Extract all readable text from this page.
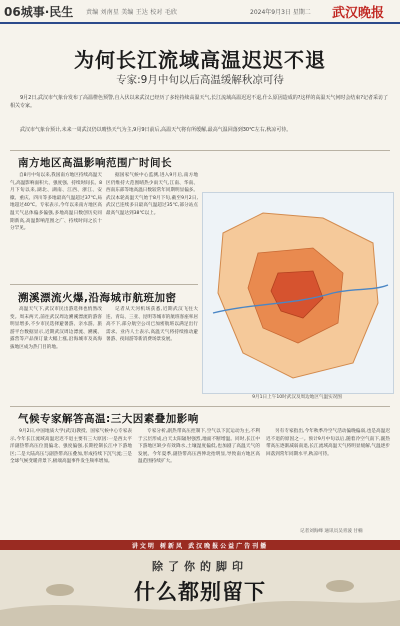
06城事·民生 责编 刘南星 美编 王达 校对 毛欣	2024年9月3日 星期二 武汉晚报
为何长江流域高温迟迟不退
专家:9月中旬以后高温缓解秋凉可待
9月2日,武汉市气象台发布了高温橙色预警,自入伏以来武汉已经历了多轮持续高温天气,长江流域高温迟迟不退,什么原因造成的?这样的高温天气何时会结束?记者采访了相关专家。
武汉市气象台预计,未来一周武汉仍以晴热天气为主,9月9日前后,高温天气将有所缓解,最高气温回落到30℃左右,秋凉可待。
南方地区高温影响范围广时间长

自8月中旬以来,我国南方地区持续高温天气,高温影响面积大、强度强、持续时间长。8月下旬以来,湖北、湖南、江西、浙江、安徽、重庆、四川等多地最高气温超过37℃,局地超过40℃。专家表示,今年以来南方地区高温天气总体偏多偏强,多地高温日数创历史同期新高,高温影响范围之广、持续时间之长十分罕见。

据国家气候中心监测,进入9月后,南方地区仍维持大范围晴热少雨天气,江南、华南、西南东部等地高温日数较常年同期明显偏多。武汉本轮高温天气始于8月下旬,截至9月2日,武汉已连续多日最高气温超过35℃,部分站点最高气温达到38℃以上。

9月1日上午10时武汉及周边地区气温实况图
溯溪漂流火爆,沿海城市航班加密

高温天气下,武汉市民出游选择也悄然改变。周末两天,前往武汉周边溯溪漂流的游客明显增多,不少市民选择避暑游、亲水游。旅游平台数据显示,近期武汉周边漂流、溯溪、露营等产品预订量大幅上涨,沿海城市及高海拔地区成为热门目的地。

记者从天河机场获悉,近期武汉飞往大连、青岛、三亚、昆明等城市的航班客座率居高不下,部分航空公司已加密航班以满足出行需求。业内人士表示,高温天气将持续推动避暑游、夜间游等新消费场景发展。

气候专家解答高温:三大因素叠加影响

9月2日,中国地质大学(武汉)教授、国家气候中心专家表示,今年长江流域高温迟迟不退主要有三大原因:一是西太平洋副热带高压位置偏北、强度偏强,长期控制长江中下游地区;二是大陆高压与副热带高压叠加,形成持续下沉气流;三是全球气候变暖背景下,极端高温事件发生频率增加。

专家分析,副热带高压控制下,空气以下沉运动为主,不利于云层形成,白天太阳辐射强烈,地面不断增温。同时,长江中下游地区缺少有效降水,土壤湿度偏低,也加剧了高温天气的发展。今年夏季,副热带高压西伸北抬明显,导致南方地区高温范围持续扩大。

另有专家指出,今年秋季冷空气活动偏晚偏弱,也是高温迟迟不退的原因之一。预计9月中旬以后,随着冷空气南下,副热带高压逐渐减弱南退,长江流域高温天气将明显缓解,气温逐步回落到常年同期水平,秋凉可待。

记者刘海峰 通讯员吴青波 甘楠
讲文明 树新风 武汉晚报公益广告刊播
除了你的脚印
什么都别留下
